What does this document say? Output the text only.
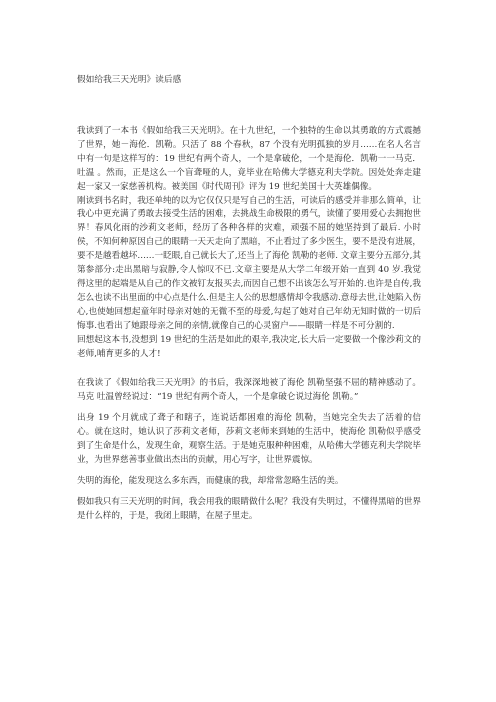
假如给我三天光明》读后感

我读到了一本书《假如给我三天光明》。在十九世纪，一个独特的生命以其勇敢的方式震撼了世界，她－海伦．凯勒。只活了 88 个春秋，87 个没有光明孤独的岁月……在名人名言中有一句是这样写的：19 世纪有两个奇人，一个是拿破伦，一个是海伦．凯勒一一马克．吐温 。然而，正是这么一个盲聋哑的人，竟毕业在哈佛大学德克利夫学院。因处处奔走建起一家又一家慈善机构。被美国《时代周刊》评为 19 世纪美国十大英雄偶像。

刚读到书名时，我还单纯的以为它仅仅只是写自己的生活，可读后的感受并非那么简单，让我心中更充满了勇敢去接受生活的困难，去挑战生命极限的勇气，读懂了要用爱心去拥抱世界！春风化雨的沙莉文老师，经历了各种各样的灾难，顽强不屈的她坚持到了最后. 小时侯，不知何种原因自己的眼睛一天天走向了黑暗，不止看过了多少医生，要不是没有进展，要不是越看越坏……一眨眼,自己就长大了,还当上了海伦 凯勒的老师. 文章主要分五部分,其第参部分:走出黑暗与寂静,令人惊叹不已.文章主要是从大学二年级开始一直到 40 岁.我觉得这里的起端是从自己的作文被钉友报买去,而因自己想不出该怎么写开始的.也许是自传,我怎么也读不出里面的中心点是什么.但是主人公的思想感情却令我感动.意母去世,让她陷入伤心,也使她回想起童年时母亲对她的无微不至的母爱,勾起了她对自己年幼无知时做的一切后悔事.也看出了她跟母亲之间的亲情,就像自己的心灵窗户——眼睛一样是不可分割的.

回想起这本书,没想到 19 世纪的生活是如此的艰辛,我决定,长大后一定要做一个像沙莉文的老师,哺育更多的人才!

在我读了《假如给我三天光明》的书后，我深深地被了海伦 凯勒坚强不屈的精神感动了。马克 吐温曾经说过：“19 世纪有两个奇人，一个是拿破仑说过海伦 凯勒。”

出身 19 个月就成了聋子和瞎子，连说话都困难的海伦 凯勒，当她完全失去了活着的信心。就在这时，她认识了莎莉文老师，莎莉文老师来到她的生活中，使海伦 凯勒似乎感受到了生命是什么，发现生命，观察生活。于是她克服种种困难，从哈佛大学德克利夫学院毕业，为世界慈善事业做出杰出的贡献，用心写字，让世界震惊。

失明的海伦，能发现这么多东西，而健康的我，却常常忽略生活的美。

假如我只有三天光明的时间，我会用我的眼睛做什么呢？我没有失明过，不懂得黑暗的世界是什么样的，于是，我闭上眼睛，在屋子里走。
